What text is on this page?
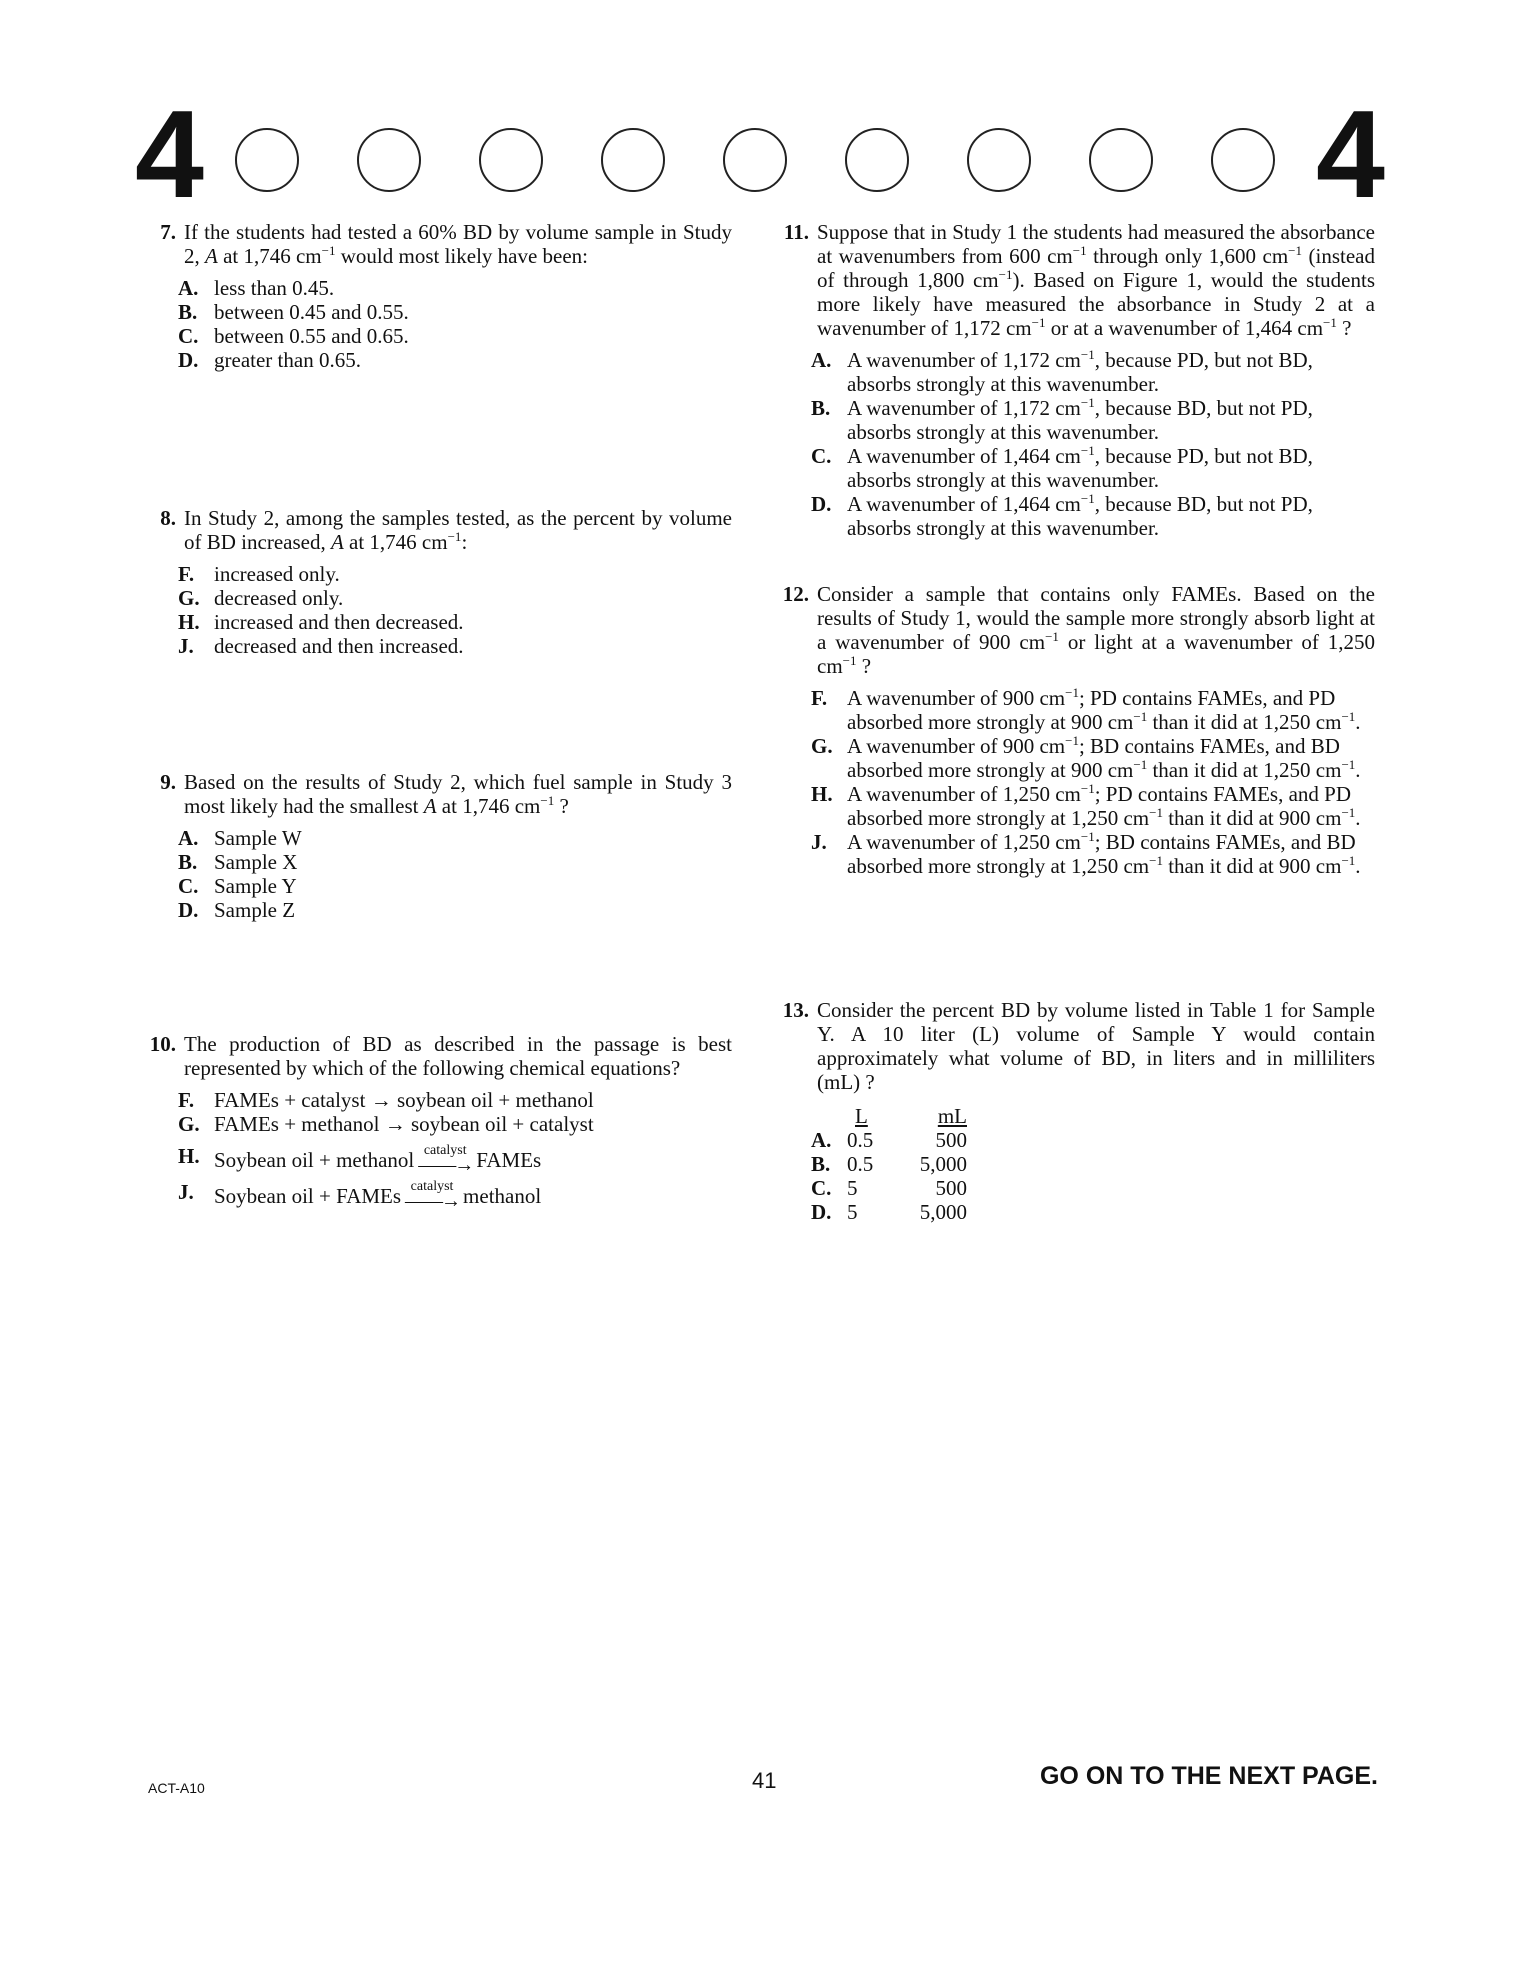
4	4
7. If the students had tested a 60% BD by volume sample in Study 2, A at 1,746 $cm^{-1}$ would most likely have been:
A. less than 0.45.
B. between 0.45 and 0.55.
C. between 0.55 and 0.65.
D. greater than 0.65.
8. In Study 2, among the samples tested, as the percent by volume of BD increased, A at 1,746 $cm^{-1}$:
F. increased only.
G. decreased only.
H. increased and then decreased.
J. decreased and then increased.
9. Based on the results of Study 2, which fuel sample in Study 3 most likely had the smallest A at 1,746 $cm^{-1}$ ?
A. Sample W
B. Sample X
C. Sample Y
D. Sample Z
10. The production of BD as described in the passage is best represented by which of the following chemical equations?
F. FAMEs + catalyst → soybean oil + methanol
G. FAMEs + methanol → soybean oil + catalyst
H. Soybean oil + methanol catalyst
——→ FAMEs
J. Soybean oil + FAMEs catalyst
——→ methanol
11. Suppose that in Study 1 the students had measured the absorbance at wavenumbers from 600 $cm^{-1}$ through only 1,600 $cm^{-1}$ (instead of through 1,800 $cm^{-1}$). Based on Figure 1, would the students more likely have measured the absorbance in Study 2 at a wavenumber of 1,172 $cm^{-1}$ or at a wavenumber of 1,464 $cm^{-1}$ ?
A. A wavenumber of 1,172 $cm^{-1}$, because PD, but not BD, absorbs strongly at this wavenumber.
B. A wavenumber of 1,172 $cm^{-1}$, because BD, but not PD, absorbs strongly at this wavenumber.
C. A wavenumber of 1,464 $cm^{-1}$, because PD, but not BD, absorbs strongly at this wavenumber.
D. A wavenumber of 1,464 $cm^{-1}$, because BD, but not PD, absorbs strongly at this wavenumber.
12. Consider a sample that contains only FAMEs. Based on the results of Study 1, would the sample more strongly absorb light at a wavenumber of 900 $cm^{-1}$ or light at a wavenumber of 1,250 $cm^{-1}$ ?
F. A wavenumber of 900 $cm^{-1}$; PD contains FAMEs, and PD absorbed more strongly at 900 $cm^{-1}$ than it did at 1,250 $cm^{-1}$.
G. A wavenumber of 900 $cm^{-1}$; BD contains FAMEs, and BD absorbed more strongly at 900 $cm^{-1}$ than it did at 1,250 $cm^{-1}$.
H. A wavenumber of 1,250 $cm^{-1}$; PD contains FAMEs, and PD absorbed more strongly at 1,250 $cm^{-1}$ than it did at 900 $cm^{-1}$.
J. A wavenumber of 1,250 $cm^{-1}$; BD contains FAMEs, and BD absorbed more strongly at 1,250 $cm^{-1}$ than it did at 900 $cm^{-1}$.
13. Consider the percent BD by volume listed in Table 1 for Sample Y. A 10 liter (L) volume of Sample Y would contain approximately what volume of BD, in liters and in milliliters (mL) ?
L	mL
A. 0.5	500
B. 0.5	5,000
C. 5	500
D. 5	5,000
ACT-A10	41	GO ON TO THE NEXT PAGE.
